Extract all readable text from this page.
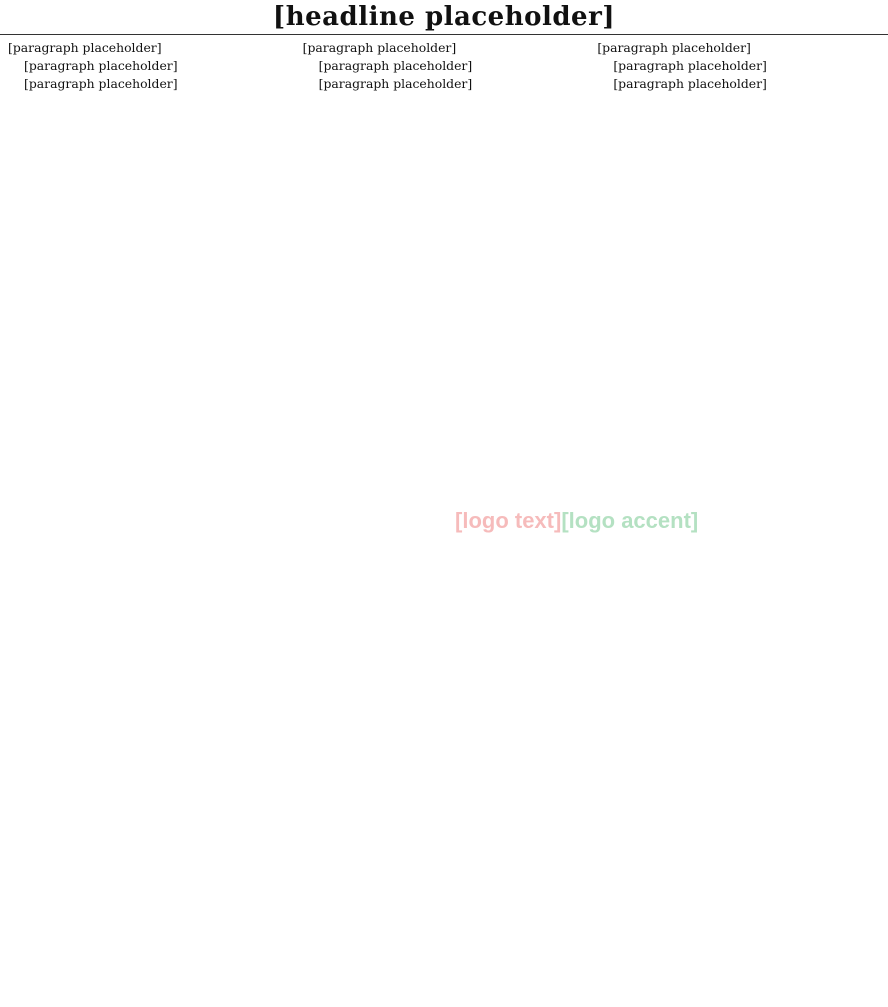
[headline placeholder]

[paragraph placeholder]

[paragraph placeholder]

[paragraph placeholder]

[paragraph placeholder]

[paragraph placeholder]

[paragraph placeholder]

[paragraph placeholder]

[paragraph placeholder]

[paragraph placeholder]

[logo text][logo accent]
